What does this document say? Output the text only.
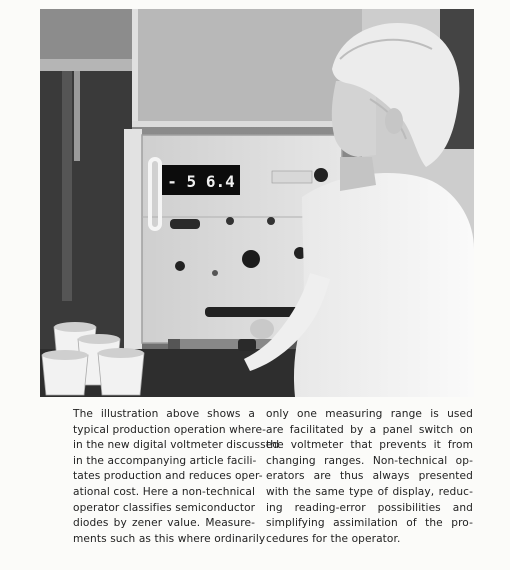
- 5 6.4
The illustration above shows a
typical production operation where-
in the new digital voltmeter discussed
in the accompanying article facili-
tates production and reduces oper-
ational cost. Here a non-technical
operator classifies semiconductor
diodes by zener value. Measure-
ments such as this where ordinarily
only one measuring range is used
are facilitated by a panel switch on
the voltmeter that prevents it from
changing ranges. Non-technical op-
erators are thus always presented
with the same type of display, reduc-
ing reading-error possibilities and
simplifying assimilation of the pro-
cedures for the operator.
